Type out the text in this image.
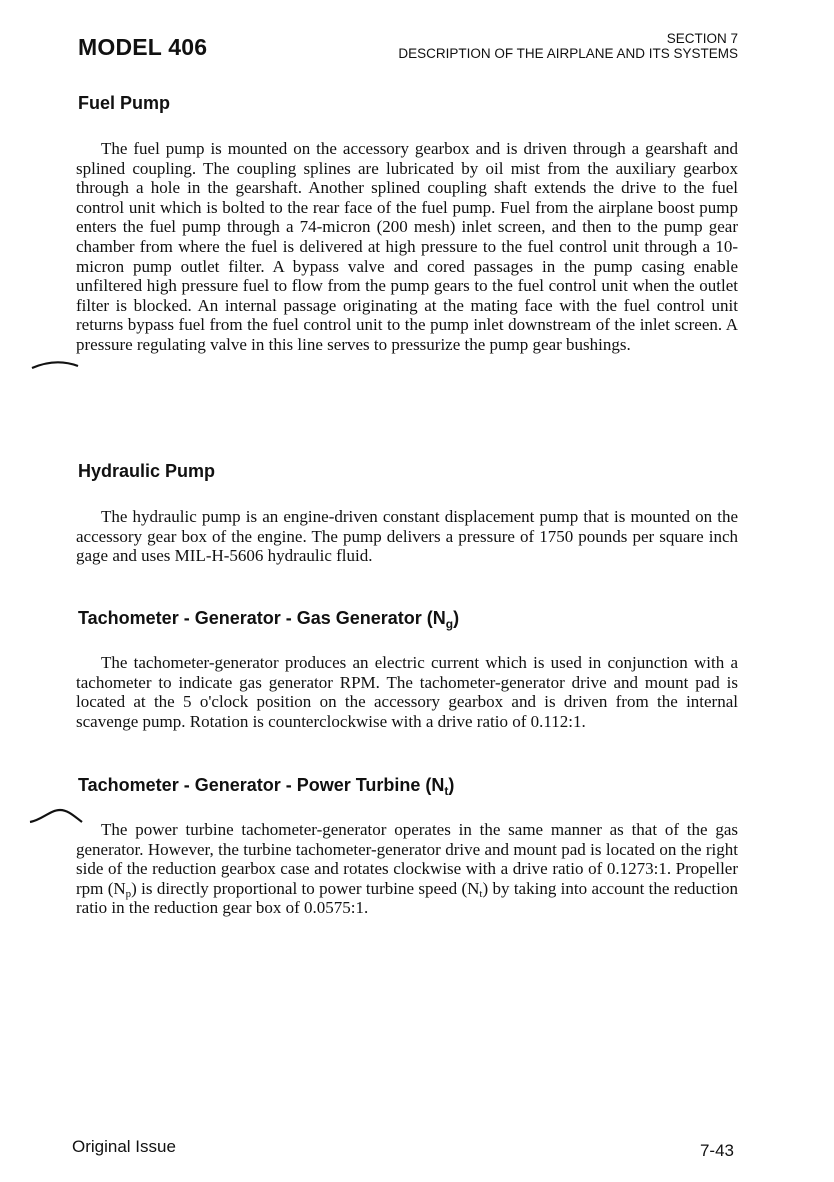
MODEL 406	SECTION 7
DESCRIPTION OF THE AIRPLANE AND ITS SYSTEMS
Fuel Pump

The fuel pump is mounted on the accessory gearbox and is driven through a gearshaft and splined coupling. The coupling splines are lubricated by oil mist from the auxiliary gearbox through a hole in the gearshaft. Another splined coupling shaft extends the drive to the fuel control unit which is bolted to the rear face of the fuel pump. Fuel from the airplane boost pump enters the fuel pump through a 74-micron (200 mesh) inlet screen, and then to the pump gear chamber from where the fuel is delivered at high pressure to the fuel control unit through a 10-micron pump outlet filter. A bypass valve and cored passages in the pump casing enable unfiltered high pressure fuel to flow from the pump gears to the fuel control unit when the outlet filter is blocked. An internal passage originating at the mating face with the fuel control unit returns bypass fuel from the fuel control unit to the pump inlet downstream of the inlet screen. A pressure regulating valve in this line serves to pressurize the pump gear bushings.

Hydraulic Pump

The hydraulic pump is an engine-driven constant displacement pump that is mounted on the accessory gear box of the engine. The pump delivers a pressure of 1750 pounds per square inch gage and uses MIL-H-5606 hydraulic fluid.

Tachometer - Generator - Gas Generator $(N_g)$

The tachometer-generator produces an electric current which is used in conjunction with a tachometer to indicate gas generator RPM. The tachometer-generator drive and mount pad is located at the 5 o'clock position on the accessory gearbox and is driven from the internal scavenge pump. Rotation is counterclockwise with a drive ratio of 0.112:1.

Tachometer - Generator - Power Turbine $(N_t)$

The power turbine tachometer-generator operates in the same manner as that of the gas generator. However, the turbine tachometer-generator drive and mount pad is located on the right side of the reduction gearbox case and rotates clockwise with a drive ratio of 0.1273:1. Propeller rpm $(N_p)$ is directly proportional to power turbine speed $(N_t)$ by taking into account the reduction ratio in the reduction gear box of 0.0575:1.

Original Issue	7-43
